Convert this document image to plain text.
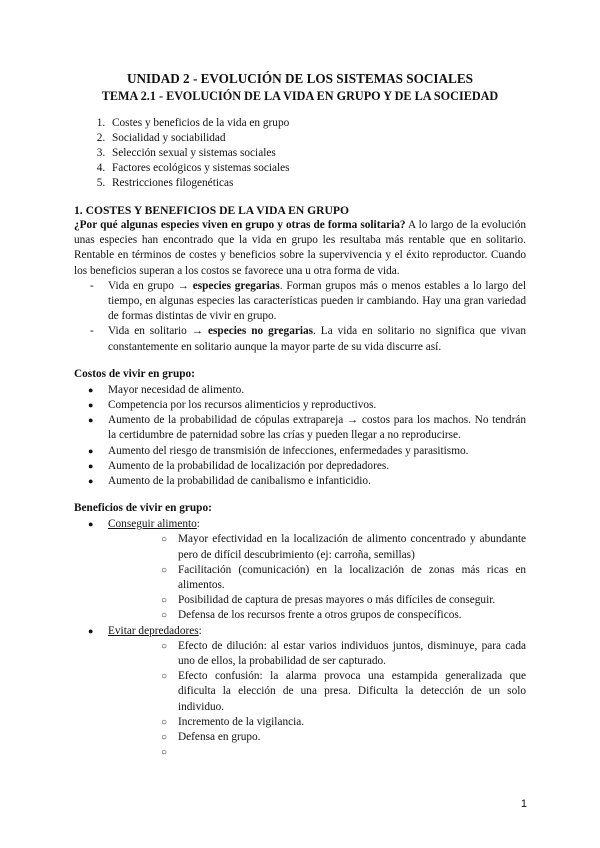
UNIDAD 2 - EVOLUCIÓN DE LOS SISTEMAS SOCIALES
TEMA 2.1 - EVOLUCIÓN DE LA VIDA EN GRUPO Y DE LA SOCIEDAD
1. Costes y beneficios de la vida en grupo
2. Socialidad y sociabilidad
3. Selección sexual y sistemas sociales
4. Factores ecológicos y sistemas sociales
5. Restricciones filogenéticas
1. COSTES Y BENEFICIOS DE LA VIDA EN GRUPO

¿Por qué algunas especies viven en grupo y otras de forma solitaria? A lo largo de la evolución unas especies han encontrado que la vida en grupo les resultaba más rentable que en solitario. Rentable en términos de costes y beneficios sobre la supervivencia y el éxito reproductor. Cuando los beneficios superan a los costos se favorece una u otra forma de vida.

- Vida en grupo → especies gregarias. Forman grupos más o menos estables a lo largo del tiempo, en algunas especies las características pueden ir cambiando. Hay una gran variedad de formas distintas de vivir en grupo.
- Vida en solitario → especies no gregarias. La vida en solitario no significa que vivan constantemente en solitario aunque la mayor parte de su vida discurre así.
Costos de vivir en grupo:
● Mayor necesidad de alimento.
● Competencia por los recursos alimenticios y reproductivos.
● Aumento de la probabilidad de cópulas extrapareja → costos para los machos. No tendrán la certidumbre de paternidad sobre las crías y pueden llegar a no reproducirse.
● Aumento del riesgo de transmisión de infecciones, enfermedades y parasitismo.
● Aumento de la probabilidad de localización por depredadores.
● Aumento de la probabilidad de canibalismo e infanticidio.
Beneficios de vivir en grupo:
● Conseguir alimento:
○ Mayor efectividad en la localización de alimento concentrado y abundante pero de difícil descubrimiento (ej: carroña, semillas)
○ Facilitación (comunicación) en la localización de zonas más ricas en alimentos.
○ Posibilidad de captura de presas mayores o más difíciles de conseguir.
○ Defensa de los recursos frente a otros grupos de conspecíficos.
● Evitar depredadores:
○ Efecto de dilución: al estar varios individuos juntos, disminuye, para cada uno de ellos, la probabilidad de ser capturado.
○ Efecto confusión: la alarma provoca una estampida generalizada que dificulta la elección de una presa. Dificulta la detección de un solo individuo.
○ Incremento de la vigilancia.
○ Defensa en grupo.
○

1
